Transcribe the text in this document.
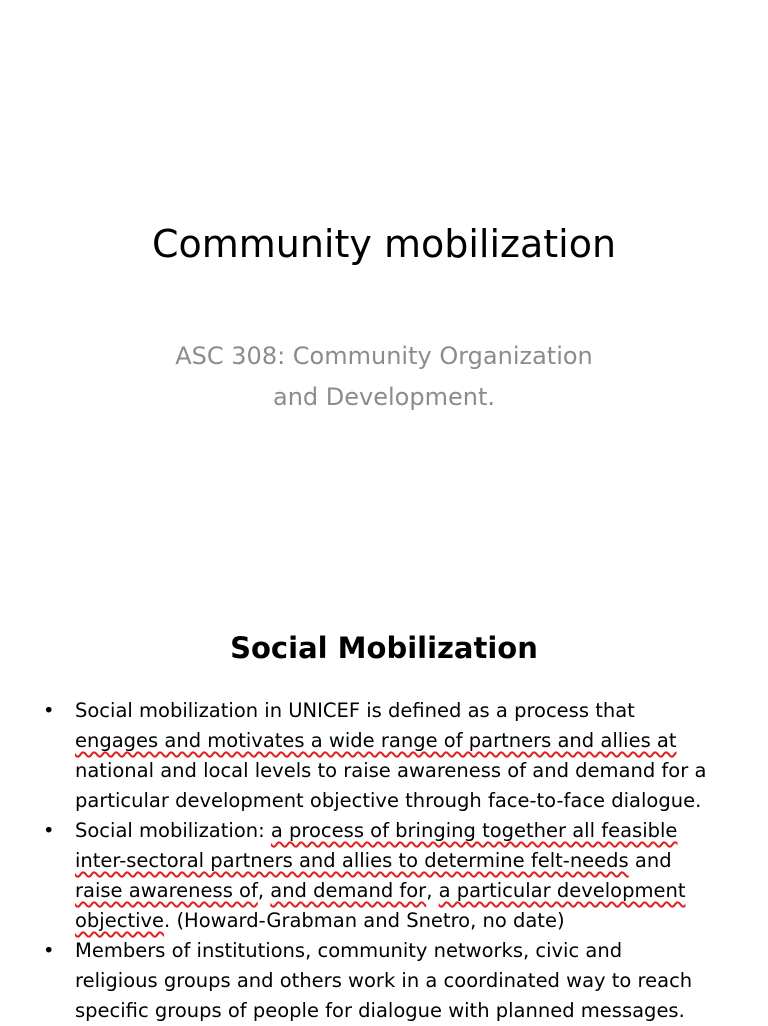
Community mobilization
ASC 308: Community Organization
and Development.
Social Mobilization
• Social mobilization in UNICEF is defined as a process that
engages and motivates a wide range of partners and allies at
national and local levels to raise awareness of and demand for a
particular development objective through face-to-face dialogue.
• Social mobilization: a process of bringing together all feasible
inter-sectoral partners and allies to determine felt-needs and
raise awareness of, and demand for, a particular development
objective. (Howard-Grabman and Snetro, no date)
• Members of institutions, community networks, civic and
religious groups and others work in a coordinated way to reach
specific groups of people for dialogue with planned messages.
